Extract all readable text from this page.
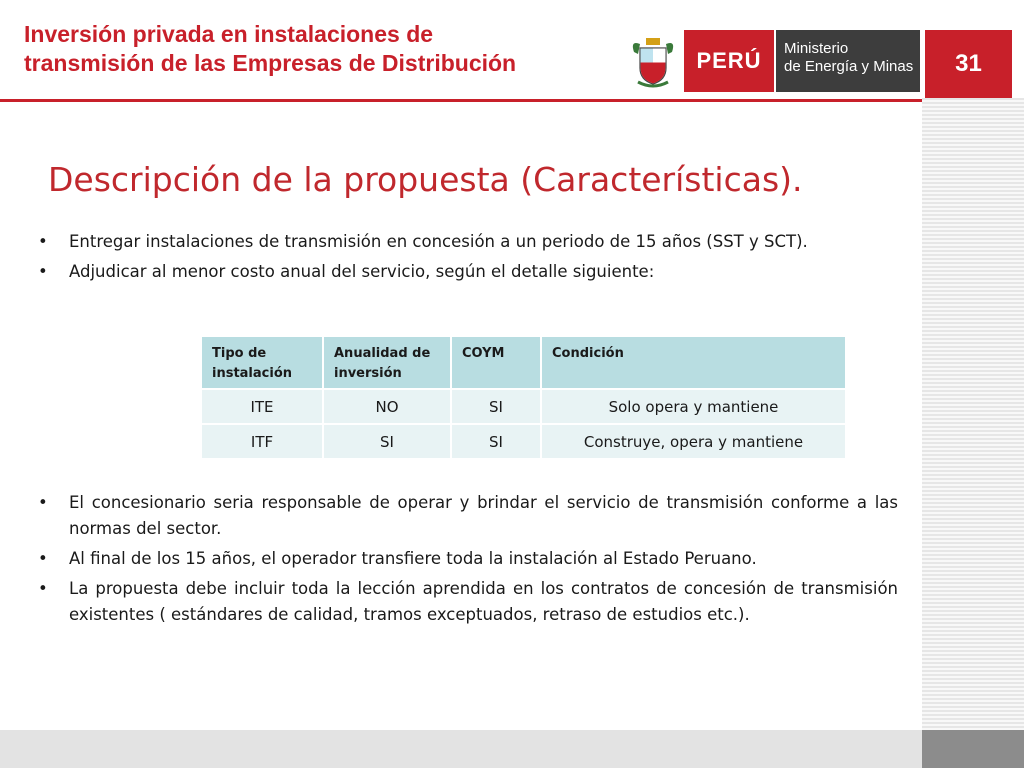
Inversión privada en instalaciones de
transmisión de las Empresas de Distribución	PERÚ Ministerio
de Energía y Minas 31
Descripción de la propuesta (Características).
• Entregar instalaciones de transmisión en concesión a un periodo de 15 años (SST y SCT).
• Adjudicar al menor costo anual del servicio, según el detalle siguiente:
Tipo de instalación	Anualidad de inversión	COYM	Condición
ITE	NO	SI	Solo opera y mantiene
ITF	SI	SI	Construye, opera y mantiene
• El concesionario seria responsable de operar y brindar el servicio de transmisión conforme a las normas del sector.
• Al final de los 15 años, el operador transfiere toda la instalación al Estado Peruano.
• La propuesta debe incluir toda la lección aprendida en los contratos de concesión de transmisión existentes ( estándares de calidad, tramos exceptuados, retraso de estudios etc.).
